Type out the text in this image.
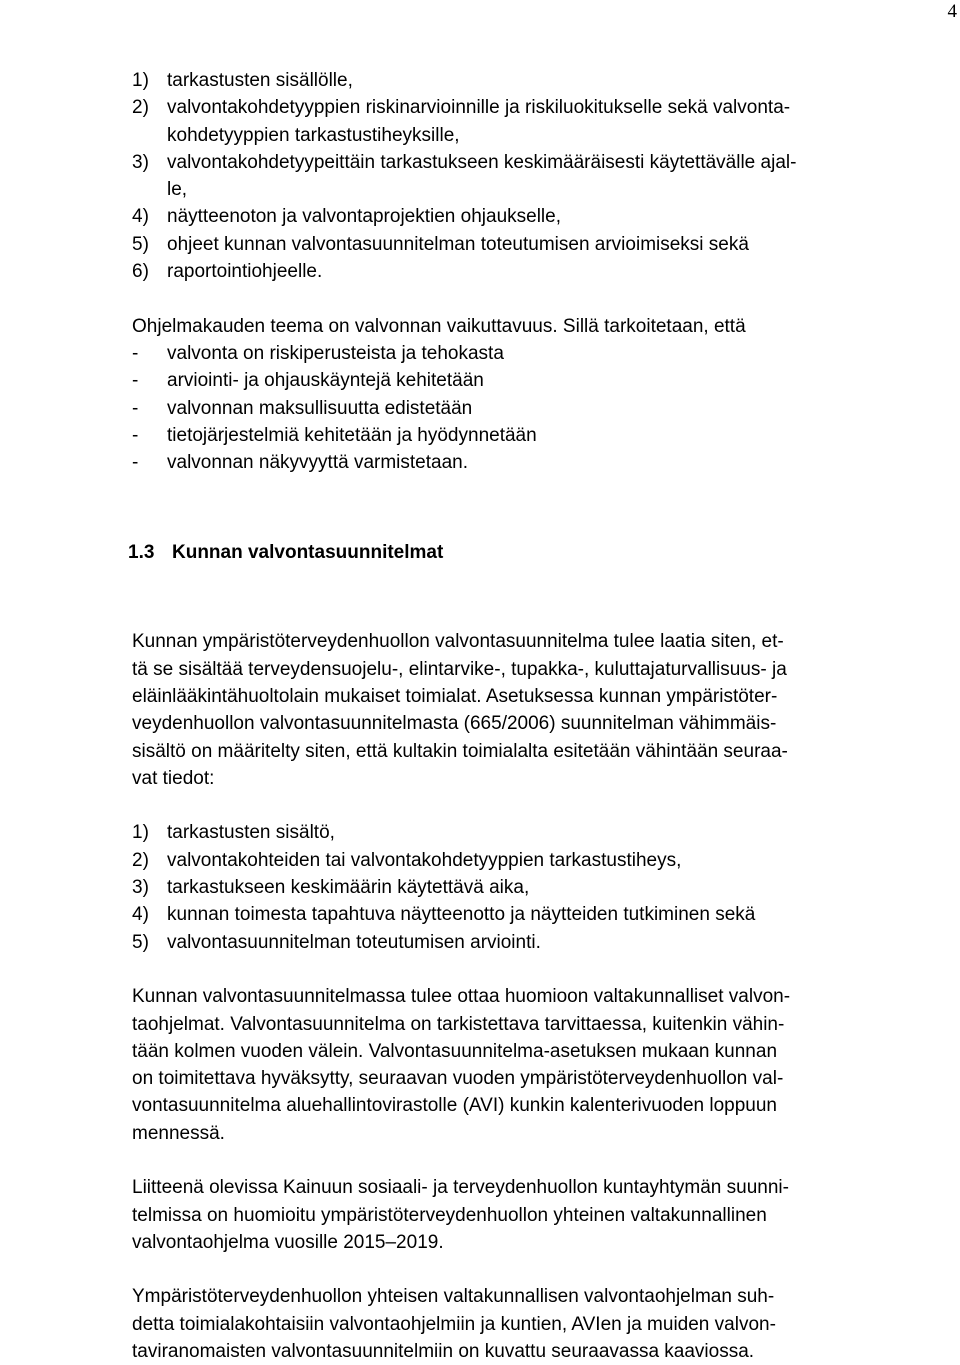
4
1) tarkastusten sisällölle,
2) valvontakohdetyyppien riskinarvioinnille ja riskiluokitukselle sekä valvonta-
kohdetyyppien tarkastustiheyksille,
3) valvontakohdetyypeittäin tarkastukseen keskimääräisesti käytettävälle ajal-
le,
4) näytteenoton ja valvontaprojektien ohjaukselle,
5) ohjeet kunnan valvontasuunnitelman toteutumisen arvioimiseksi sekä
6) raportointiohjeelle.
Ohjelmakauden teema on valvonnan vaikuttavuus. Sillä tarkoitetaan, että
- valvonta on riskiperusteista ja tehokasta
- arviointi- ja ohjauskäyntejä kehitetään
- valvonnan maksullisuutta edistetään
- tietojärjestelmiä kehitetään ja hyödynnetään
- valvonnan näkyvyyttä varmistetaan.
1.3 Kunnan valvontasuunnitelmat
Kunnan ympäristöterveydenhuollon valvontasuunnitelma tulee laatia siten, et-
tä se sisältää terveydensuojelu-, elintarvike-, tupakka-, kuluttajaturvallisuus- ja
eläinlääkintähuoltolain mukaiset toimialat. Asetuksessa kunnan ympäristöter-
veydenhuollon valvontasuunnitelmasta (665/2006) suunnitelman vähimmäis-
sisältö on määritelty siten, että kultakin toimialalta esitetään vähintään seuraa-
vat tiedot:
1) tarkastusten sisältö,
2) valvontakohteiden tai valvontakohdetyyppien tarkastustiheys,
3) tarkastukseen keskimäärin käytettävä aika,
4) kunnan toimesta tapahtuva näytteenotto ja näytteiden tutkiminen sekä
5) valvontasuunnitelman toteutumisen arviointi.
Kunnan valvontasuunnitelmassa tulee ottaa huomioon valtakunnalliset valvon-
taohjelmat. Valvontasuunnitelma on tarkistettava tarvittaessa, kuitenkin vähin-
tään kolmen vuoden välein. Valvontasuunnitelma-asetuksen mukaan kunnan
on toimitettava hyväksytty, seuraavan vuoden ympäristöterveydenhuollon val-
vontasuunnitelma aluehallintovirastolle (AVI) kunkin kalenterivuoden loppuun
mennessä.
Liitteenä olevissa Kainuun sosiaali- ja terveydenhuollon kuntayhtymän suunni-
telmissa on huomioitu ympäristöterveydenhuollon yhteinen valtakunnallinen
valvontaohjelma vuosille 2015–2019.
Ympäristöterveydenhuollon yhteisen valtakunnallisen valvontaohjelman suh-
detta toimialakohtaisiin valvontaohjelmiin ja kuntien, AVIen ja muiden valvon-
taviranomaisten valvontasuunnitelmiin on kuvattu seuraavassa kaaviossa.
